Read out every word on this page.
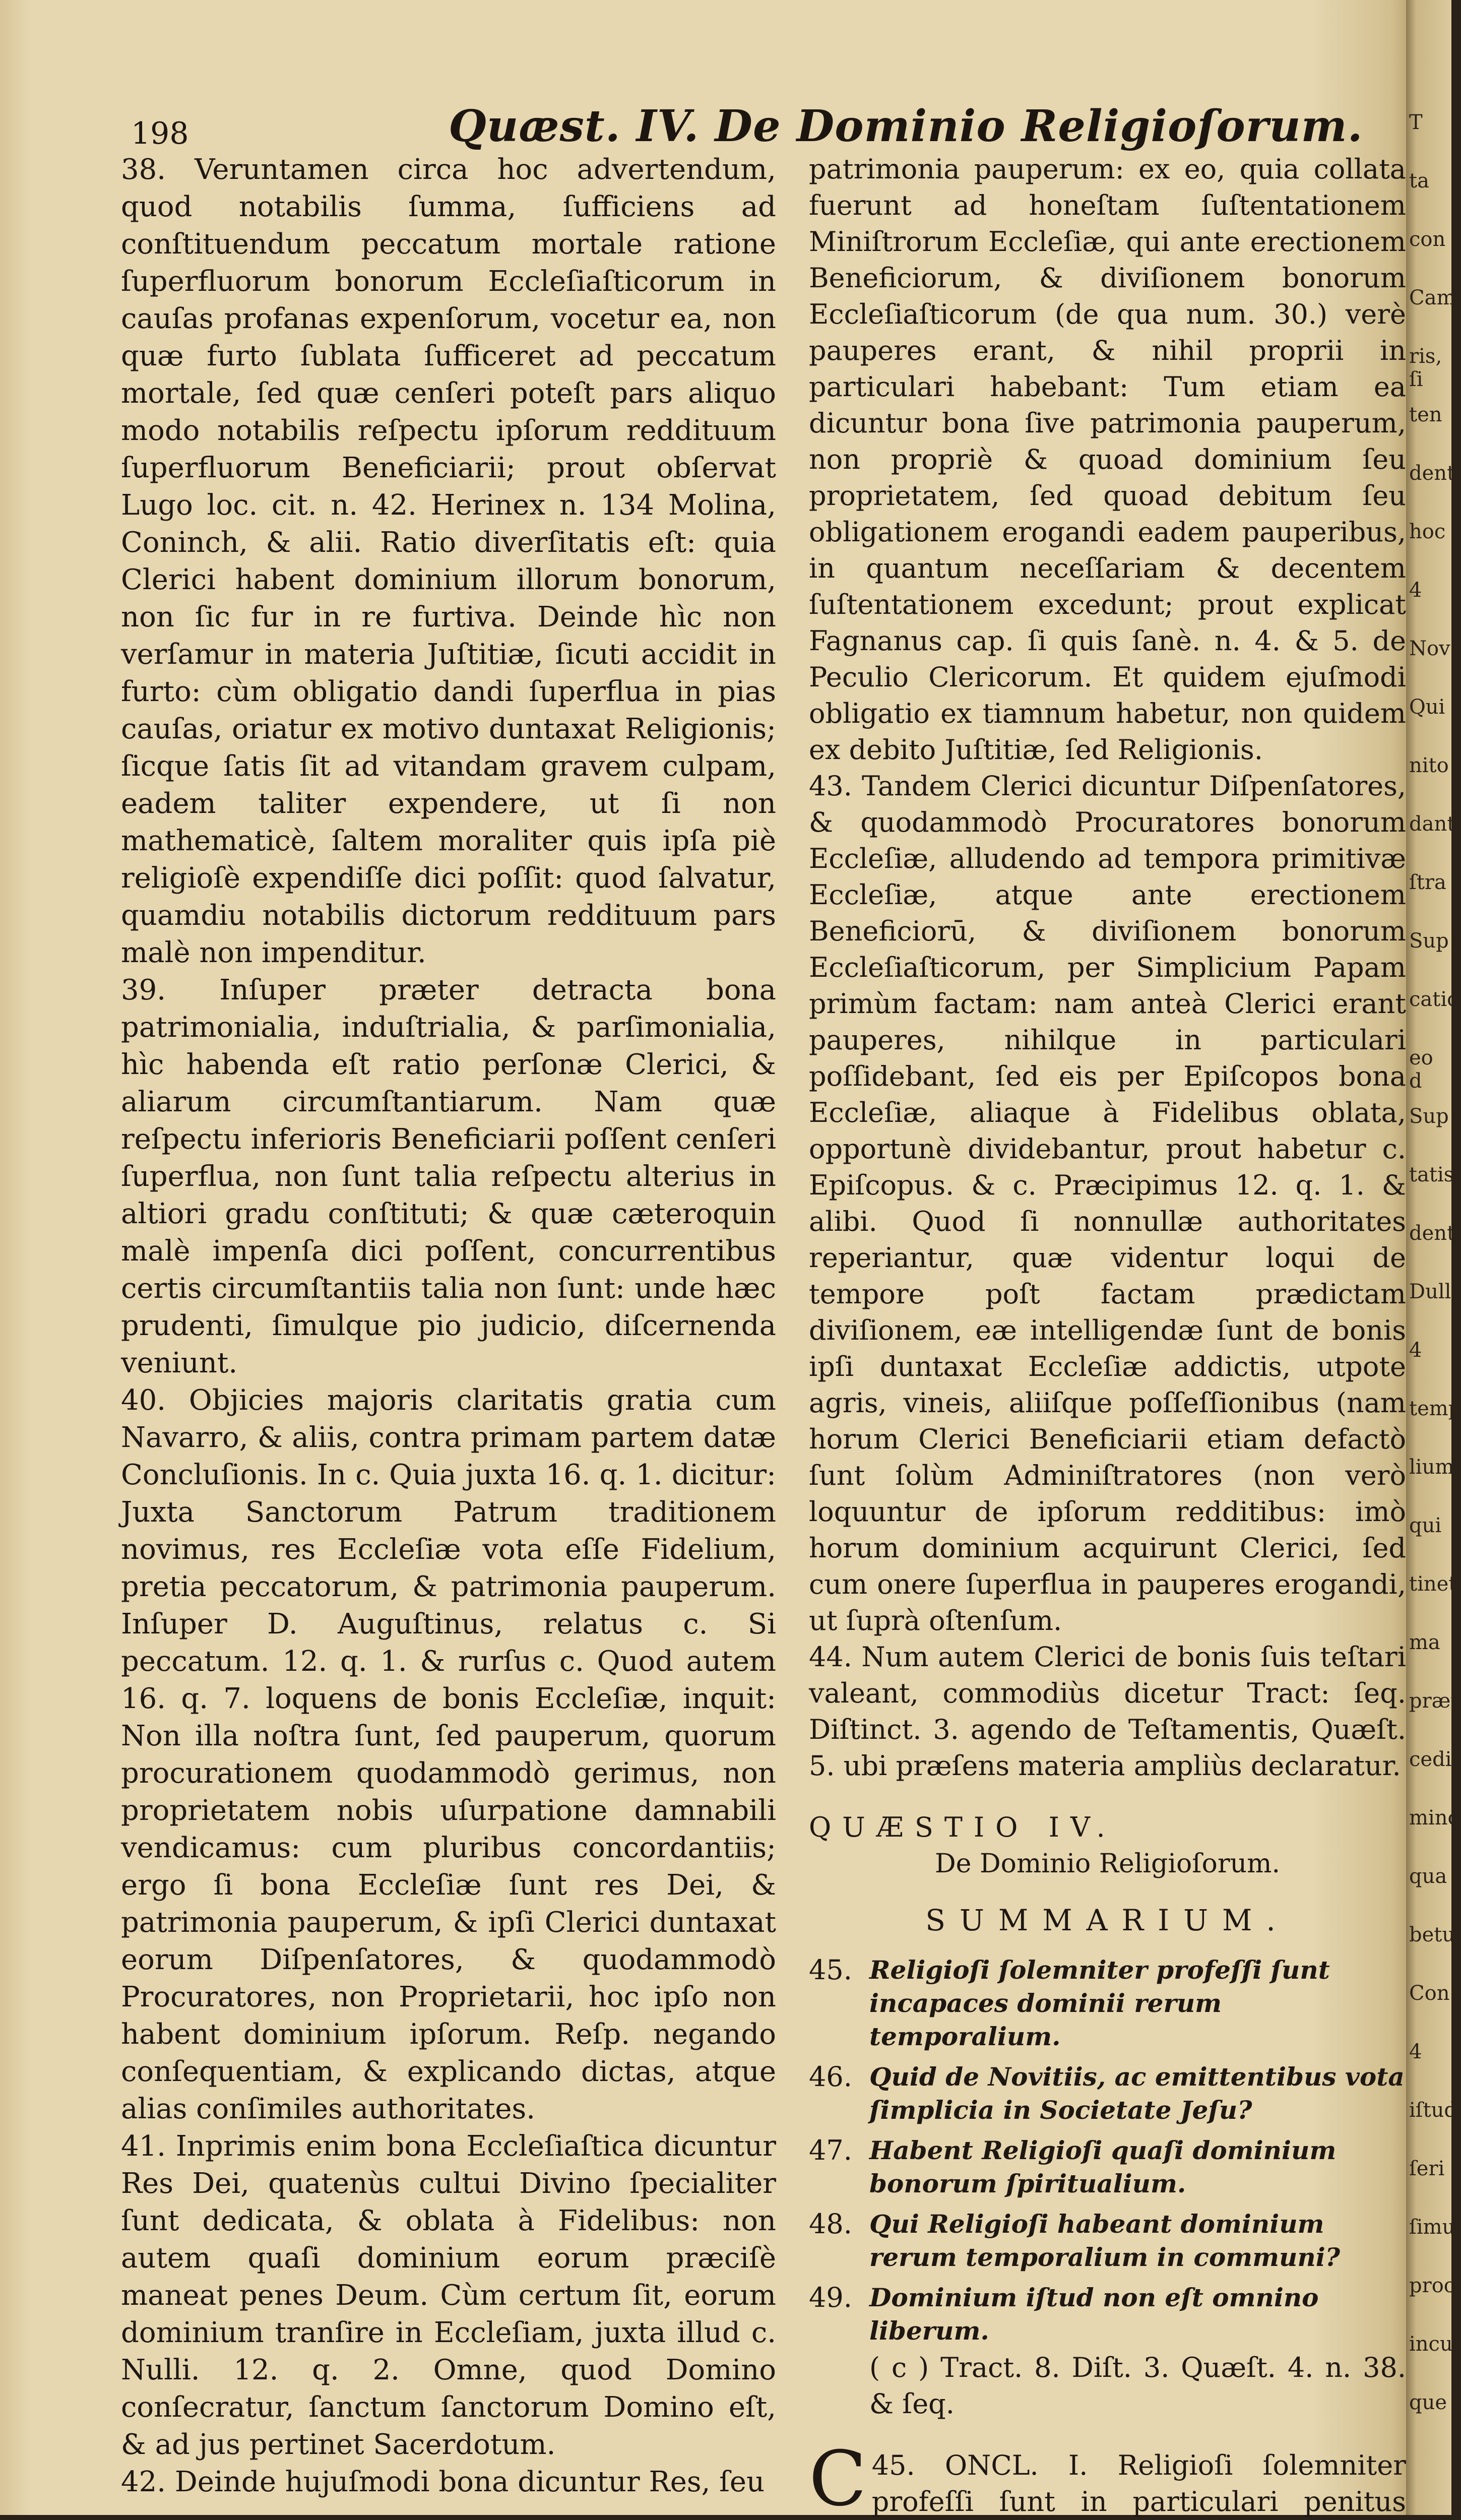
198	Quæst. IV. De Dominio Religioſorum.

38. Veruntamen circa hoc advertendum, quod notabilis ſumma, ſufficiens ad conſtituendum peccatum mortale ratione ſuperfluorum bonorum Eccleſiaſticorum in cauſas profanas expenſorum, vocetur ea, non quæ furto ſublata ſufficeret ad peccatum mortale, ſed quæ cenſeri poteſt pars aliquo modo notabilis reſpectu ipſorum reddituum ſuperfluorum Beneficiarii; prout obſervat Lugo loc. cit. n. 42. Herinex n. 134 Molina, Coninch, & alii. Ratio diverſitatis eſt: quia Clerici habent dominium illorum bonorum, non ſic fur in re furtiva. Deinde hìc non verſamur in materia Juſtitiæ, ſicuti accidit in furto: cùm obligatio dandi ſuperflua in pias cauſas, oriatur ex motivo duntaxat Religionis; ſicque ſatis ſit ad vitandam gravem culpam, eadem taliter expendere, ut ſi non mathematicè, ſaltem moraliter quis ipſa piè religioſè expendiſſe dici poſſit: quod ſalvatur, quamdiu notabilis dictorum reddituum pars malè non impenditur.

39. Inſuper præter detracta bona patrimonialia, induſtrialia, & parſimonialia, hìc habenda eſt ratio perſonæ Clerici, & aliarum circumſtantiarum. Nam quæ reſpectu inferioris Beneficiarii poſſent cenſeri ſuperflua, non ſunt talia reſpectu alterius in altiori gradu conſtituti; & quæ cæteroquin malè impenſa dici poſſent, concurrentibus certis circumſtantiis talia non ſunt: unde hæc prudenti, ſimulque pio judicio, diſcernenda veniunt.

40. Objicies majoris claritatis gratia cum Navarro, & aliis, contra primam partem datæ Concluſionis. In c. Quia juxta 16. q. 1. dicitur: Juxta Sanctorum Patrum traditionem novimus, res Eccleſiæ vota eſſe Fidelium, pretia peccatorum, & patrimonia pauperum. Inſuper D. Auguſtinus, relatus c. Si peccatum. 12. q. 1. & rurſus c. Quod autem 16. q. 7. loquens de bonis Eccleſiæ, inquit: Non illa noſtra ſunt, ſed pauperum, quorum procurationem quodammodò gerimus, non proprietatem nobis uſurpatione damnabili vendicamus: cum pluribus concordantiis; ergo ſi bona Eccleſiæ ſunt res Dei, & patrimonia pauperum, & ipſi Clerici duntaxat eorum Diſpenſatores, & quodammodò Procuratores, non Proprietarii, hoc ipſo non habent dominium ipſorum. Reſp. negando conſequentiam, & explicando dictas, atque alias conſimiles authoritates.

41. Inprimis enim bona Eccleſiaſtica dicuntur Res Dei, quatenùs cultui Divino ſpecialiter ſunt dedicata, & oblata à Fidelibus: non autem quaſi dominium eorum præciſè maneat penes Deum. Cùm certum ſit, eorum dominium tranſire in Eccleſiam, juxta illud c. Nulli. 12. q. 2. Omne, quod Domino conſecratur, ſanctum ſanctorum Domino eſt, & ad jus pertinet Sacerdotum.

42. Deinde hujuſmodi bona dicuntur Res, ſeu

patrimonia pauperum: ex eo, quia collata fuerunt ad honeſtam ſuſtentationem Miniſtrorum Eccleſiæ, qui ante erectionem Beneficiorum, & diviſionem bonorum Eccleſiaſticorum (de qua num. 30.) verè pauperes erant, & nihil proprii in particulari habebant: Tum etiam ea dicuntur bona ſive patrimonia pauperum, non propriè & quoad dominium ſeu proprietatem, ſed quoad debitum ſeu obligationem erogandi eadem pauperibus, in quantum neceſſariam & decentem ſuſtentationem excedunt; prout explicat Fagnanus cap. ſi quis ſanè. n. 4. & 5. de Peculio Clericorum. Et quidem ejuſmodi obligatio ex tiamnum habetur, non quidem ex debito Juſtitiæ, ſed Religionis.

43. Tandem Clerici dicuntur Diſpenſatores, & quodammodò Procuratores bonorum Eccleſiæ, alludendo ad tempora primitivæ Eccleſiæ, atque ante erectionem Beneficiorū, & diviſionem bonorum Eccleſiaſticorum, per Simplicium Papam primùm factam: nam anteà Clerici erant pauperes, nihilque in particulari poſſidebant, ſed eis per Epiſcopos bona Eccleſiæ, aliaque à Fidelibus oblata, opportunè dividebantur, prout habetur c. Epiſcopus. & c. Præcipimus 12. q. 1. & alibi. Quod ſi nonnullæ authoritates reperiantur, quæ videntur loqui de tempore poſt factam prædictam diviſionem, eæ intelligendæ ſunt de bonis ipſi duntaxat Eccleſiæ addictis, utpote agris, vineis, aliiſque poſſeſſionibus (nam horum Clerici Beneficiarii etiam defactò ſunt ſolùm Adminiſtratores (non verò loquuntur de ipſorum redditibus: imò horum dominium acquirunt Clerici, ſed cum onere ſuperflua in pauperes erogandi, ut ſuprà oſtenſum.

44. Num autem Clerici de bonis ſuis teſtari valeant, commodiùs dicetur Tract: ſeq. Diſtinct. 3. agendo de Teſtamentis, Quæſt. 5. ubi præſens materia ampliùs declaratur.

QUÆSTIO IV.

De Dominio Religioſorum.

SUMMARIUM.

45. Religioſi ſolemniter profeſſi ſunt incapaces dominii rerum temporalium.
46. Quid de Novitiis, ac emittentibus vota ſimplicia in Societate Jeſu?
47. Habent Religioſi quaſi dominium bonorum ſpiritualium.
48. Qui Religioſi habeant dominium rerum temporalium in communi?
49. Dominium iſtud non eſt omnino liberum.

( c ) Tract. 8. Diſt. 3. Quæſt. 4. n. 38. & ſeq.

45.
C	ONCL. I. Religioſi ſolemniter profeſſi ſunt in particulari penitus

T
ta
con
Cam
ris, ſi
ten
dent
hoc
4
Nov
Qui
nito
dant
ſtra
Sup
catio
eo d
Sup
tatis
dent
Dull
4
temp
lium
qui
tinet
ma
præt
cedi
mino
qua
betu
Con
4
iſtud
ſeri
ſimu
proc
incu
que
